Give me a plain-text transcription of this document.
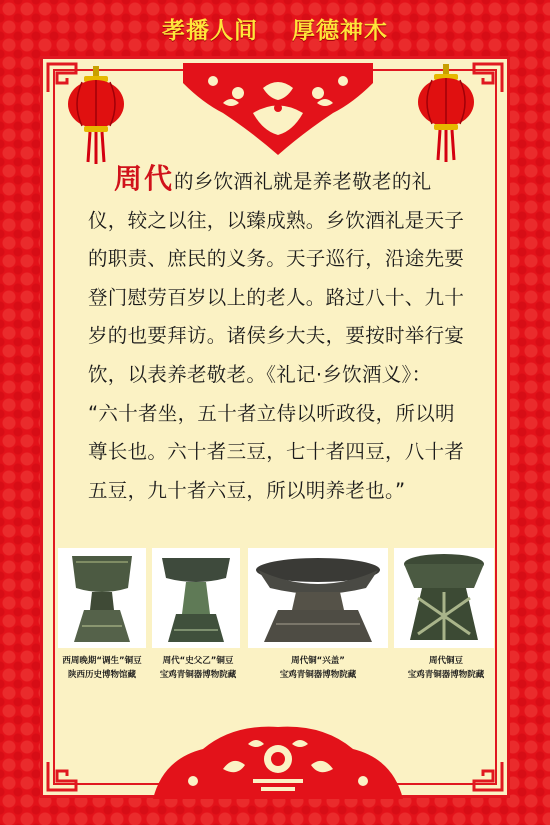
孝播人间 厚德神木

周代的乡饮酒礼就是养老敬老的礼

仪，较之以往，以臻成熟。乡饮酒礼是天子

的职责、庶民的义务。天子巡行，沿途先要

登门慰劳百岁以上的老人。路过八十、九十

岁的也要拜访。诸侯乡大夫，要按时举行宴

饮，以表养老敬老。《礼记·乡饮酒义》：

“六十者坐，五十者立侍以听政役，所以明

尊长也。六十者三豆，七十者四豆，八十者

五豆，九十者六豆，所以明养老也。”

西周晚期“调生”铜豆
陕西历史博物馆藏
周代“史父乙”铜豆
宝鸡青铜器博物院藏
周代铜“兴盖”
宝鸡青铜器博物院藏
周代铜豆
宝鸡青铜器博物院藏
